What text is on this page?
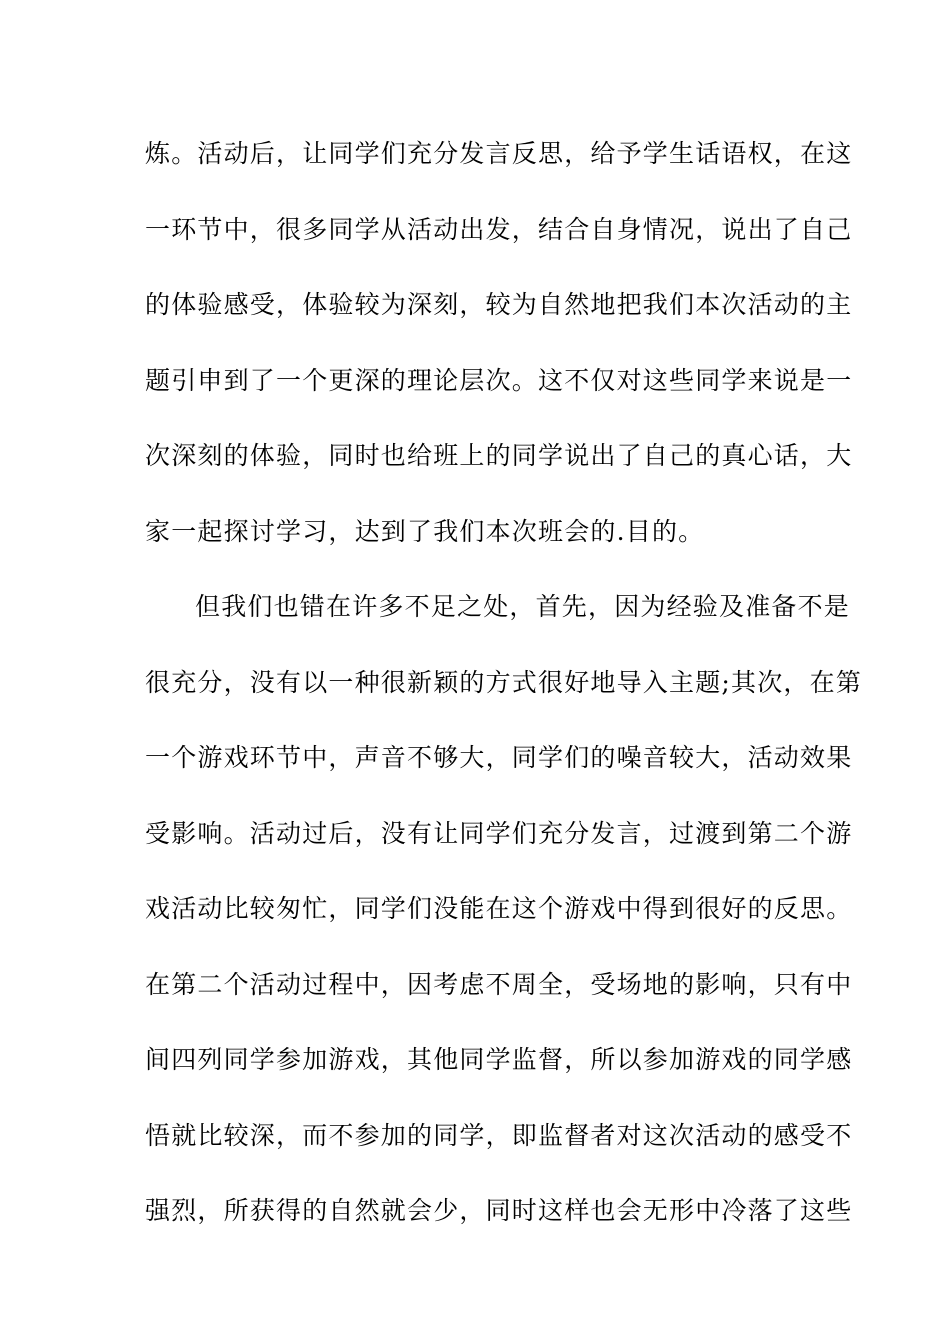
炼。活动后，让同学们充分发言反思，给予学生话语权，在这
一环节中，很多同学从活动出发，结合自身情况，说出了自己
的体验感受，体验较为深刻，较为自然地把我们本次活动的主
题引申到了一个更深的理论层次。这不仅对这些同学来说是一
次深刻的体验，同时也给班上的同学说出了自己的真心话，大
家一起探讨学习，达到了我们本次班会的.目的。
但我们也错在许多不足之处，首先，因为经验及准备不是
很充分，没有以一种很新颖的方式很好地导入主题;其次，在第
一个游戏环节中，声音不够大，同学们的噪音较大，活动效果
受影响。活动过后，没有让同学们充分发言，过渡到第二个游
戏活动比较匆忙，同学们没能在这个游戏中得到很好的反思。
在第二个活动过程中，因考虑不周全，受场地的影响，只有中
间四列同学参加游戏，其他同学监督，所以参加游戏的同学感
悟就比较深，而不参加的同学，即监督者对这次活动的感受不
强烈，所获得的自然就会少，同时这样也会无形中冷落了这些
